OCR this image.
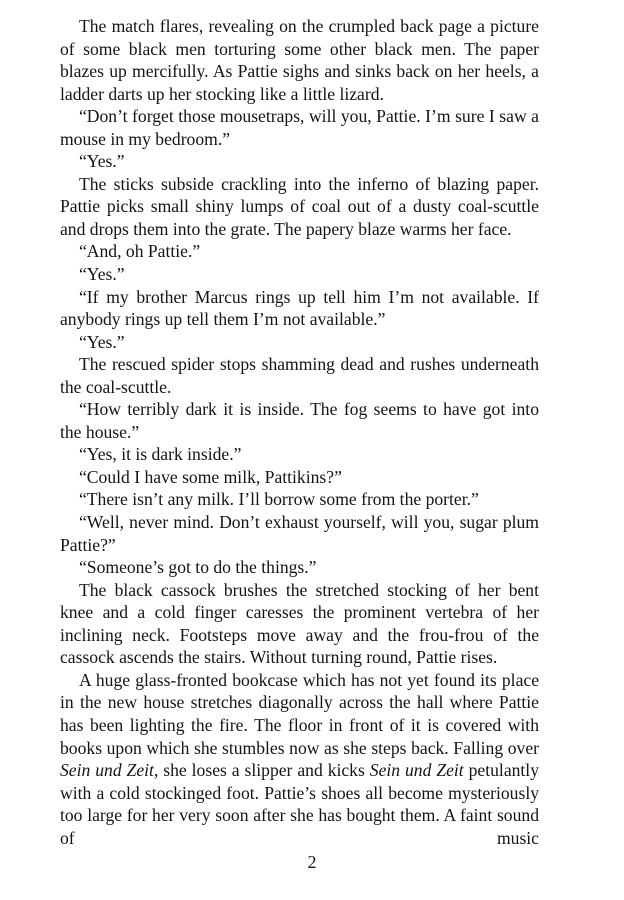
The match flares, revealing on the crumpled back page a picture of some black men torturing some other black men. The paper blazes up mercifully. As Pattie sighs and sinks back on her heels, a ladder darts up her stocking like a little lizard.

“Don’t forget those mousetraps, will you, Pattie. I’m sure I saw a mouse in my bedroom.”

“Yes.”

The sticks subside crackling into the inferno of blazing paper. Pattie picks small shiny lumps of coal out of a dusty coal-scuttle and drops them into the grate. The papery blaze warms her face.

“And, oh Pattie.”

“Yes.”

“If my brother Marcus rings up tell him I’m not available. If anybody rings up tell them I’m not available.”

“Yes.”

The rescued spider stops shamming dead and rushes underneath the coal-scuttle.

“How terribly dark it is inside. The fog seems to have got into the house.”

“Yes, it is dark inside.”

“Could I have some milk, Pattikins?”

“There isn’t any milk. I’ll borrow some from the porter.”

“Well, never mind. Don’t exhaust yourself, will you, sugar plum Pattie?”

“Someone’s got to do the things.”

The black cassock brushes the stretched stocking of her bent knee and a cold finger caresses the prominent vertebra of her inclining neck. Footsteps move away and the frou-frou of the cassock ascends the stairs. Without turning round, Pattie rises.

A huge glass-fronted bookcase which has not yet found its place in the new house stretches diagonally across the hall where Pattie has been lighting the fire. The floor in front of it is covered with books upon which she stumbles now as she steps back. Falling over Sein und Zeit, she loses a slipper and kicks Sein und Zeit petulantly with a cold stockinged foot. Pattie’s shoes all become mysteriously too large for her very soon after she has bought them. A faint sound of music

2
